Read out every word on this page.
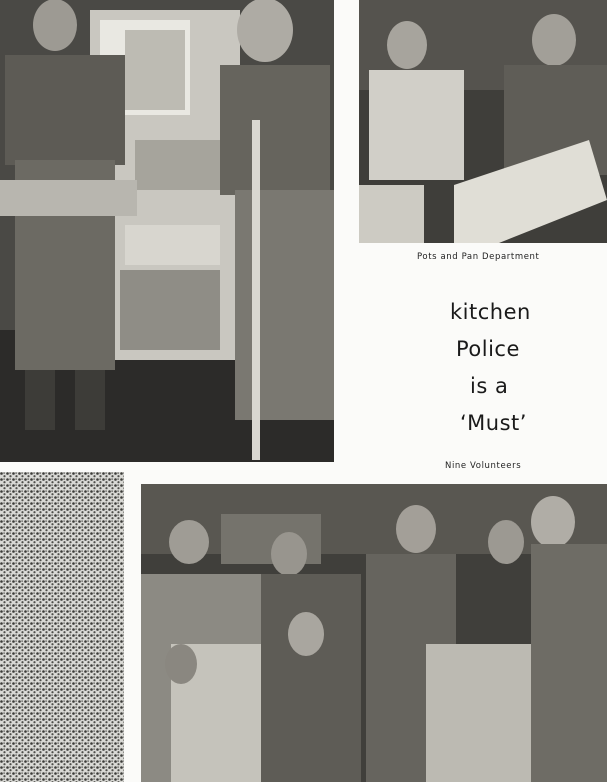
Pots and Pan Department
kitchen
Police
is a
‘Must’
Nine Volunteers
